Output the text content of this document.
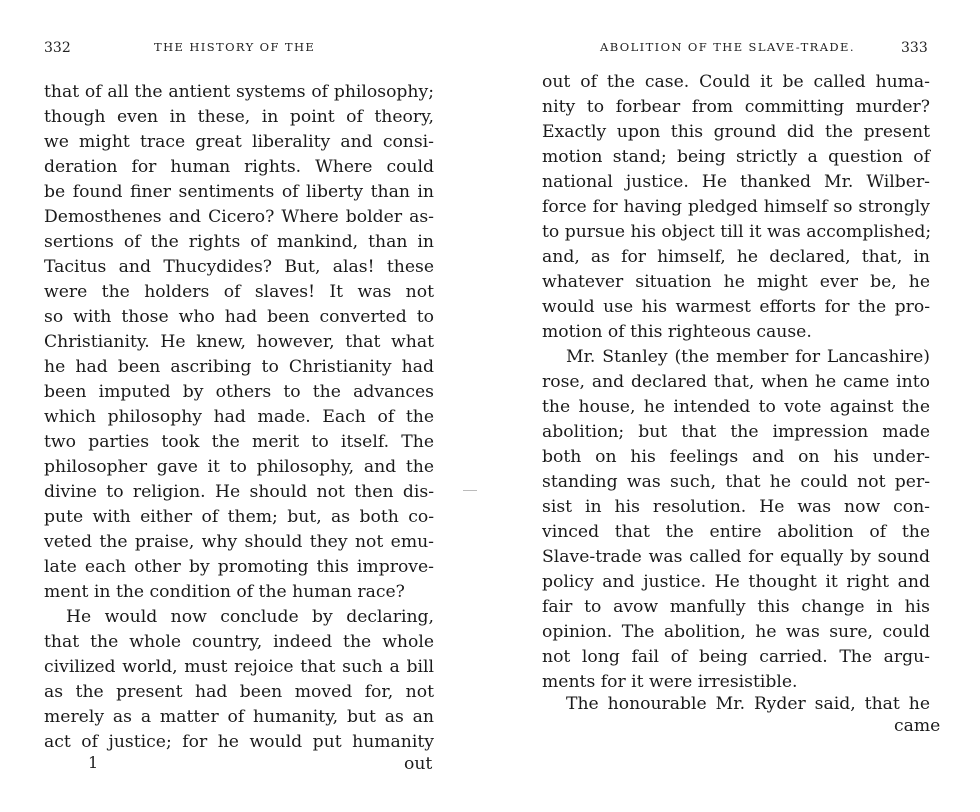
332	THE HISTORY OF THE
that of all the antient systems of philosophy;
though even in these, in point of theory,
we might trace great liberality and consi-
deration for human rights. Where could
be found finer sentiments of liberty than in
Demosthenes and Cicero? Where bolder as-
sertions of the rights of mankind, than in
Tacitus and Thucydides? But, alas! these
were the holders of slaves! It was not
so with those who had been converted to
Christianity. He knew, however, that what
he had been ascribing to Christianity had
been imputed by others to the advances
which philosophy had made. Each of the
two parties took the merit to itself. The
philosopher gave it to philosophy, and the
divine to religion. He should not then dis-
pute with either of them; but, as both co-
veted the praise, why should they not emu-
late each other by promoting this improve-
ment in the condition of the human race?
He would now conclude by declaring,
that the whole country, indeed the whole
civilized world, must rejoice that such a bill
as the present had been moved for, not
merely as a matter of humanity, but as an
act of justice; for he would put humanity
1	out
ABOLITION OF THE SLAVE-TRADE.	333
out of the case. Could it be called huma-
nity to forbear from committing murder?
Exactly upon this ground did the present
motion stand; being strictly a question of
national justice. He thanked Mr. Wilber-
force for having pledged himself so strongly
to pursue his object till it was accomplished;
and, as for himself, he declared, that, in
whatever situation he might ever be, he
would use his warmest efforts for the pro-
motion of this righteous cause.
Mr. Stanley (the member for Lancashire)
rose, and declared that, when he came into
the house, he intended to vote against the
abolition; but that the impression made
both on his feelings and on his under-
standing was such, that he could not per-
sist in his resolution. He was now con-
vinced that the entire abolition of the
Slave-trade was called for equally by sound
policy and justice. He thought it right and
fair to avow manfully this change in his
opinion. The abolition, he was sure, could
not long fail of being carried. The argu-
ments for it were irresistible.
The honourable Mr. Ryder said, that he
came
